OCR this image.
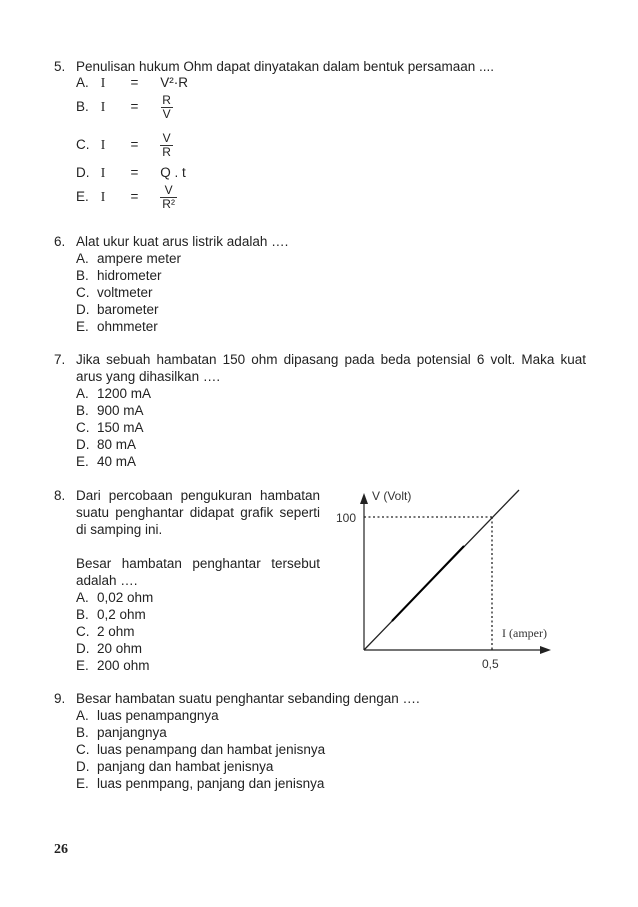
5. Penulisan hukum Ohm dapat dinyatakan dalam bentuk persamaan ....
A. I = V²·R
B. $I = \frac{R}{V}$
C. $I = \frac{V}{R}$
D. I = Q . t
E. $I = \frac{V}{\text{R²}}$
6. Alat ukur kuat arus listrik adalah ….
A. ampere meter
B. hidrometer
C. voltmeter
D. barometer
E. ohmmeter
7. Jika sebuah hambatan 150 ohm dipasang pada beda potensial 6 volt. Maka kuat arus yang dihasilkan ….
A. 1200 mA
B. 900 mA
C. 150 mA
D. 80 mA
E. 40 mA
8. Dari percobaan pengukuran hambatan suatu penghantar didapat grafik seperti di samping ini.
Besar hambatan penghantar tersebut adalah ….
A. 0,02 ohm
B. 0,2 ohm
C. 2 ohm
D. 20 ohm
E. 200 ohm
V (Volt)
100
I (amper)
0,5
9. Besar hambatan suatu penghantar sebanding dengan ….
A. luas penampangnya
B. panjangnya
C. luas penampang dan hambat jenisnya
D. panjang dan hambat jenisnya
E. luas penmpang, panjang dan jenisnya
26
